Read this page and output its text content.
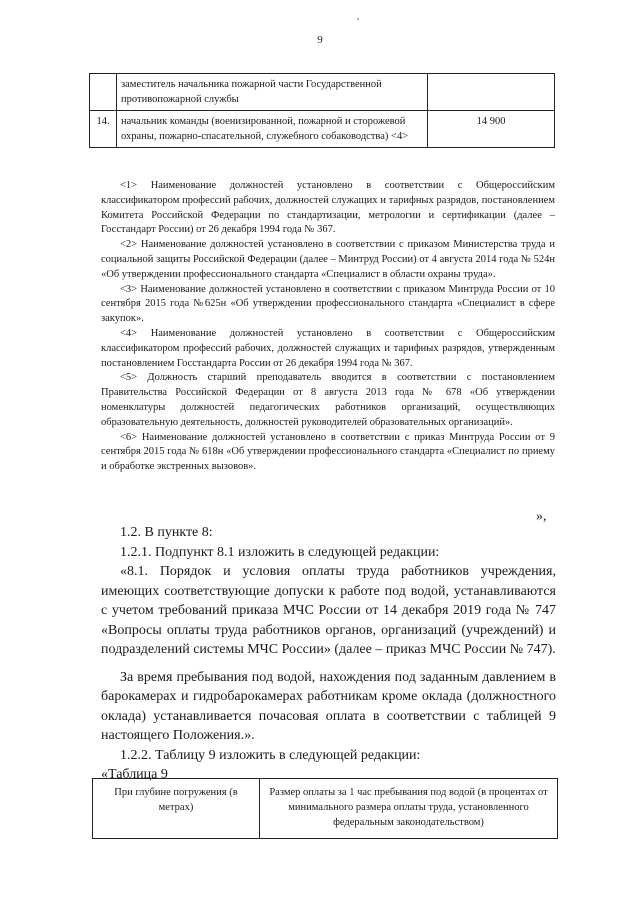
9
	заместитель начальника пожарной части Государственной противопожарной службы	
14.	начальник команды (военизированной, пожарной и сторожевой охраны, пожарно-спасательной, служебного собаководства) <4>	14 900

<1> Наименование должностей установлено в соответствии с Общероссийским классификатором профессий рабочих, должностей служащих и тарифных разрядов, постановлением Комитета Российской Федерации по стандартизации, метрологии и сертификации (далее – Госстандарт России) от 26 декабря 1994 года № 367.

<2> Наименование должностей установлено в соответствии с приказом Министерства труда и социальной защиты Российской Федерации (далее – Минтруд России) от 4 августа 2014 года № 524н «Об утверждении профессионального стандарта «Специалист в области охраны труда».

<3> Наименование должностей установлено в соответствии с приказом Минтруда России от 10 сентября 2015 года №625н «Об утверждении профессионального стандарта «Специалист в сфере закупок».

<4> Наименование должностей установлено в соответствии с Общероссийским классификатором профессий рабочих, должностей служащих и тарифных разрядов, утвержденным постановлением Госстандарта России от 26 декабря 1994 года № 367.

<5> Должность старший преподаватель вводится в соответствии с постановлением Правительства Российской Федерации от 8 августа 2013 года № 678 «Об утверждении номенклатуры должностей педагогических работников организаций, осуществляющих образовательную деятельность, должностей руководителей образовательных организаций».

<6> Наименование должностей установлено в соответствии с приказ Минтруда России от 9 сентября 2015 года № 618н «Об утверждении профессионального стандарта «Специалист по приему и обработке экстренных вызовов».

»,

1.2. В пункте 8:

1.2.1. Подпункт 8.1 изложить в следующей редакции:

«8.1. Порядок и условия оплаты труда работников учреждения, имеющих соответствующие допуски к работе под водой, устанавливаются с учетом требований приказа МЧС России от 14 декабря 2019 года № 747 «Вопросы оплаты труда работников органов, организаций (учреждений) и подразделений системы МЧС России» (далее – приказ МЧС России № 747).

За время пребывания под водой, нахождения под заданным давлением в барокамерах и гидробарокамерах работникам кроме оклада (должностного оклада) устанавливается почасовая оплата в соответствии с таблицей 9 настоящего Положения.».

1.2.2. Таблицу 9 изложить в следующей редакции:

«Таблица 9

При глубине погружения (в метрах)	Размер оплаты за 1 час пребывания под водой (в процентах от минимального размера оплаты труда, установленного федеральным законодательством)
